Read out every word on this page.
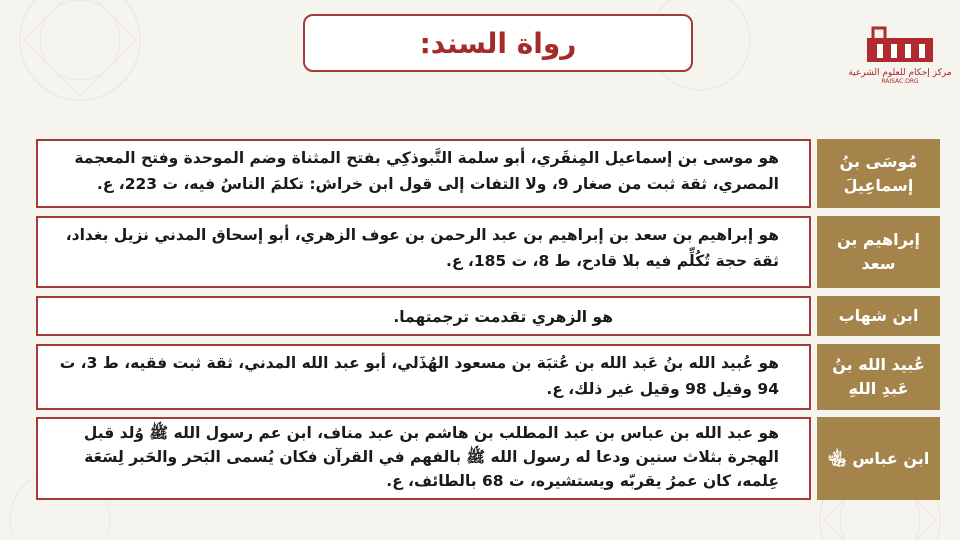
رواة السند:
مركز إحكام للعلوم الشرعية
RAISAC.ORG
هو موسى بن إسماعيل المِنقَري، أبو سلمة التَّبوذكِي بفتح المثناة وضم الموحدة وفتح المعجمة المصري، ثقة ثبت من صغار 9، ولا التفات إلى قول ابن خراش: تكلمَ الناسُ فيه، ت 223، ع.
مُوسَى بنُ إسماعِيلَ
هو إبراهيم بن سعد بن إبراهيم بن عبد الرحمن بن عوف الزهري، أبو إسحاق المدني نزيل بغداد، ثقة حجة تُكُلِّم فيه بلا قادح، ط 8، ت 185، ع.
إبراهيم بن سعد
هو الزهري تقدمت ترجمتهما.	ابن شهاب
هو عُبيد الله بنُ عَبد الله بن عُتبَة بن مسعود الهُذَلي، أبو عبد الله المدني، ثقة ثبت فقيه، ط 3، ت 94 وقيل 98 وقيل غير ذلك، ع.
عُبيد الله بنُ عَبدِ اللهِ
هو عبد الله بن عباس بن عبد المطلب بن هاشم بن عبد مناف، ابن عم رسول الله ﷺ وُلد قبل الهجرة بثلاث سنين ودعا له رسول الله ﷺ بالفهم في القرآن فكان يُسمى البَحر والحَبر لِسَعَة عِلمه، كان عمرُ يقربّه ويستشيره، ت 68 بالطائف، ع.
ابن عباس ﵄
